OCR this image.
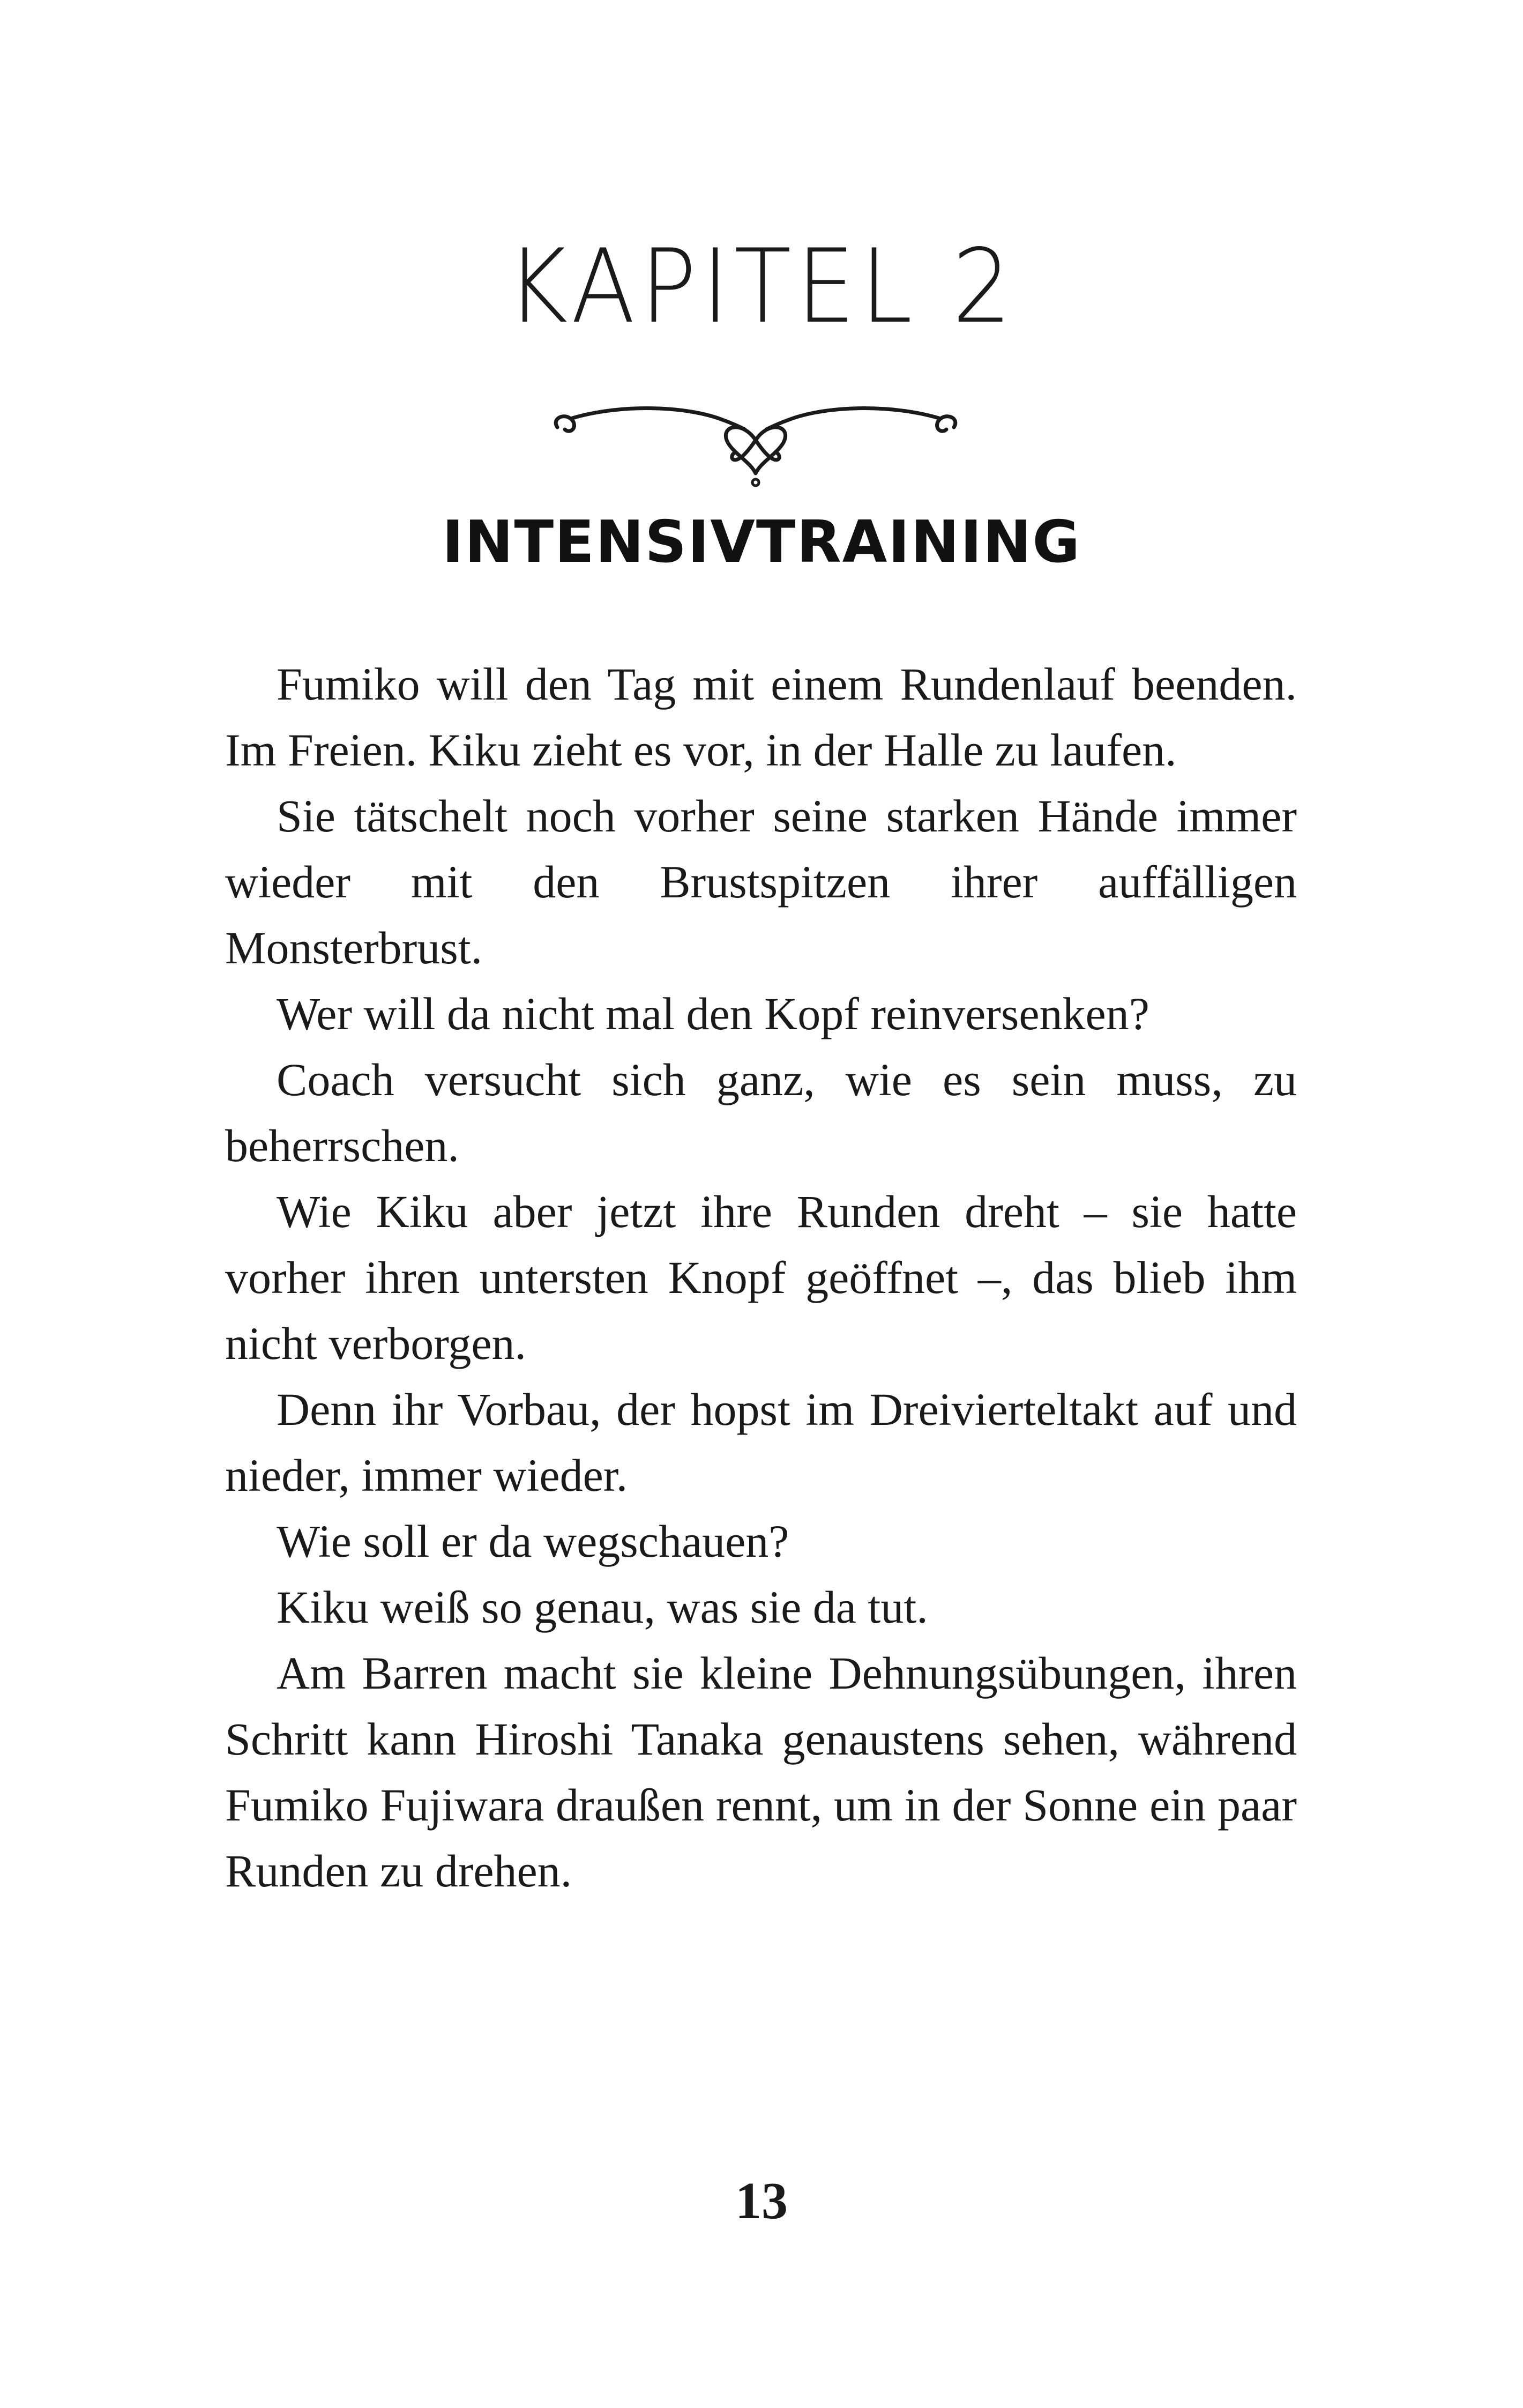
KAPITEL 2
INTENSIVTRAINING

Fumiko will den Tag mit einem Rundenlauf beenden. Im Freien. Kiku zieht es vor, in der Halle zu laufen.

Sie tätschelt noch vorher seine starken Hände immer wieder mit den Brustspitzen ihrer auffälligen Monsterbrust.

Wer will da nicht mal den Kopf reinversenken?

Coach versucht sich ganz, wie es sein muss, zu beherrschen.

Wie Kiku aber jetzt ihre Runden dreht – sie hatte vorher ihren untersten Knopf geöffnet –, das blieb ihm nicht verborgen.

Denn ihr Vorbau, der hopst im Dreivierteltakt auf und nieder, immer wieder.

Wie soll er da wegschauen?

Kiku weiß so genau, was sie da tut.

Am Barren macht sie kleine Dehnungsübungen, ihren Schritt kann Hiroshi Tanaka genaustens sehen, während Fumiko Fujiwara draußen rennt, um in der Sonne ein paar Runden zu drehen.

13
